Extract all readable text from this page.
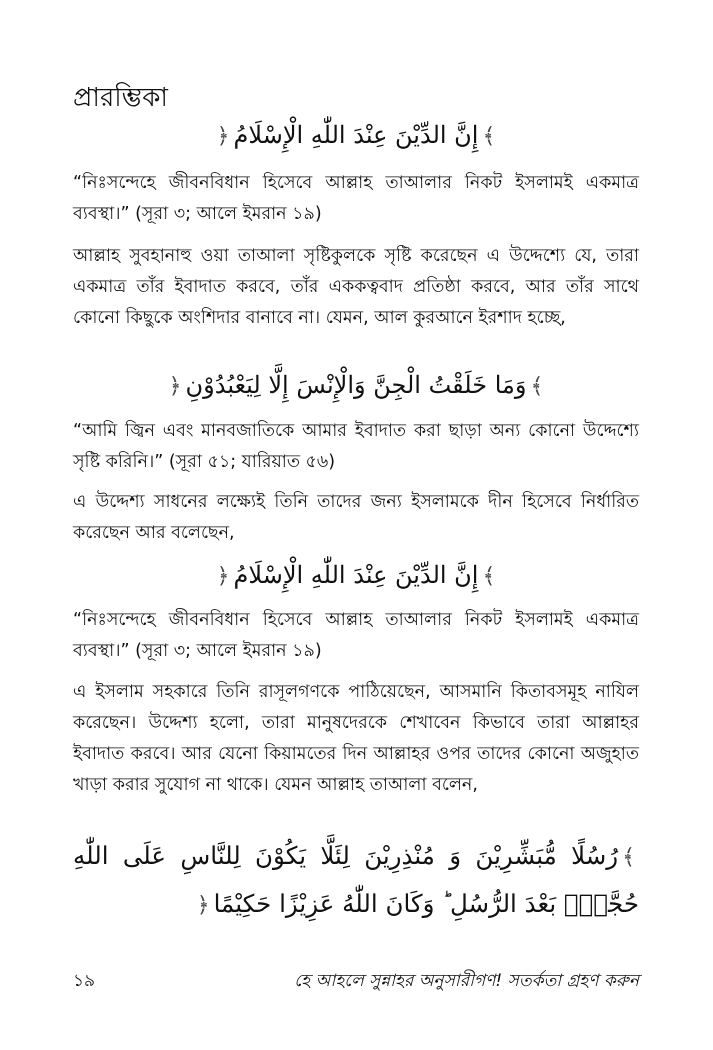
প্রারম্ভিকা
﴾إِنَّ الدِّيْنَ عِنْدَ اللّٰهِ الْإِسْلَامُ﴿
“নিঃসন্দেহে জীবনবিধান হিসেবে আল্লাহ তাআলার নিকট ইসলামই একমাত্র ব্যবস্থা।” (সূরা ৩; আলে ইমরান ১৯)
আল্লাহ সুবহানাহু ওয়া তাআলা সৃষ্টিকুলকে সৃষ্টি করেছেন এ উদ্দেশ্যে যে, তারা একমাত্র তাঁর ইবাদাত করবে, তাঁর এককত্ববাদ প্রতিষ্ঠা করবে, আর তাঁর সাথে কোনো কিছুকে অংশিদার বানাবে না। যেমন, আল কুরআনে ইরশাদ হচ্ছে,
﴾وَمَا خَلَقْتُ الْجِنَّ وَالْإِنْسَ إِلَّا لِيَعْبُدُوْنِ﴿
“আমি জ্বিন এবং মানবজাতিকে আমার ইবাদাত করা ছাড়া অন্য কোনো উদ্দেশ্যে সৃষ্টি করিনি।” (সূরা ৫১; যারিয়াত ৫৬)
এ উদ্দেশ্য সাধনের লক্ষ্যেই তিনি তাদের জন্য ইসলামকে দীন হিসেবে নির্ধারিত করেছেন আর বলেছেন,
﴾إِنَّ الدِّيْنَ عِنْدَ اللّٰهِ الْإِسْلَامُ﴿
“নিঃসন্দেহে জীবনবিধান হিসেবে আল্লাহ তাআলার নিকট ইসলামই একমাত্র ব্যবস্থা।” (সূরা ৩; আলে ইমরান ১৯)
এ ইসলাম সহকারে তিনি রাসূলগণকে পাঠিয়েছেন, আসমানি কিতাবসমূহ নাযিল করেছেন। উদ্দেশ্য হলো, তারা মানুষদেরকে শেখাবেন কিভাবে তারা আল্লাহর ইবাদাত করবে। আর যেনো কিয়ামতের দিন আল্লাহর ওপর তাদের কোনো অজুহাত খাড়া করার সুযোগ না থাকে। যেমন আল্লাহ তাআলা বলেন,
﴾رُسُلًا مُّبَشِّرِيْنَ وَ مُنْذِرِيْنَ لِئَلَّا يَكُوْنَ لِلنَّاسِ عَلَى اللّٰهِ حُجَّةٌۢ بَعْدَ الرُّسُلِ ؕ وَكَانَ اللّٰهُ عَزِيْزًا حَكِيْمًا﴿
১৯	হে আহলে সুন্নাহর অনুসারীগণ! সতর্কতা গ্রহণ করুন
